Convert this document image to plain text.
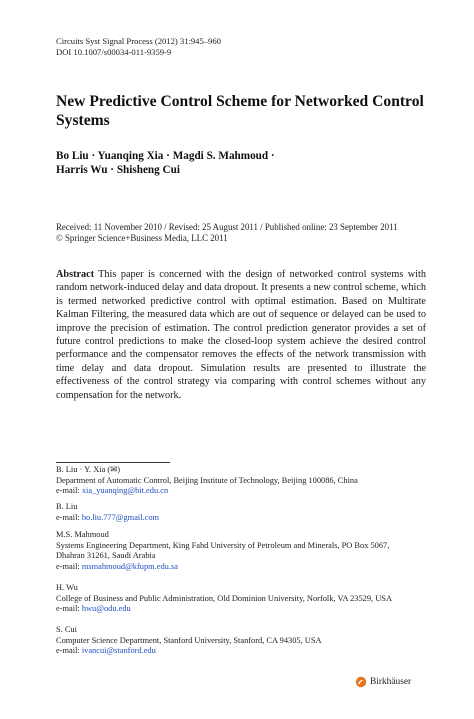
Circuits Syst Signal Process (2012) 31:945–960
DOI 10.1007/s00034-011-9359-9
New Predictive Control Scheme for Networked Control Systems
Bo Liu · Yuanqing Xia · Magdi S. Mahmoud ·
Harris Wu · Shisheng Cui
Received: 11 November 2010 / Revised: 25 August 2011 / Published online: 23 September 2011
© Springer Science+Business Media, LLC 2011
Abstract This paper is concerned with the design of networked control systems with random network-induced delay and data dropout. It presents a new control scheme, which is termed networked predictive control with optimal estimation. Based on Multirate Kalman Filtering, the measured data which are out of sequence or delayed can be used to improve the precision of estimation. The control prediction generator provides a set of future control predictions to make the closed-loop system achieve the desired control performance and the compensator removes the effects of the network transmission with time delay and data dropout. Simulation results are presented to illustrate the effectiveness of the control strategy via comparing with control schemes without any compensation for the network.
B. Liu · Y. Xia (✉)
Department of Automatic Control, Beijing Institute of Technology, Beijing 100086, China
e-mail: xia_yuanqing@bit.edu.cn
B. Liu
e-mail: bo.liu.777@gmail.com
M.S. Mahmoud
Systems Engineering Department, King Fahd University of Petroleum and Minerals, PO Box 5067,
Dhahran 31261, Saudi Arabia
e-mail: msmahmoud@kfupm.edu.sa
H. Wu
College of Business and Public Administration, Old Dominion University, Norfolk, VA 23529, USA
e-mail: hwu@odu.edu
S. Cui
Computer Science Department, Stanford University, Stanford, CA 94305, USA
e-mail: ivancui@stanford.edu
Birkhäuser
